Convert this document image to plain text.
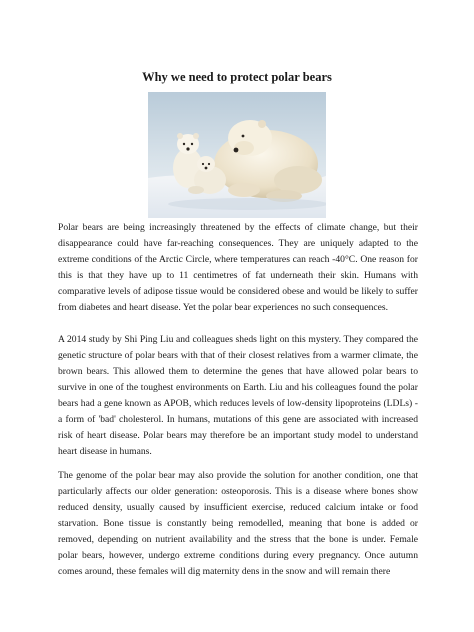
Why we need to protect polar bears

Polar bears are being increasingly threatened by the effects of climate change, but their disappearance could have far-reaching consequences. They are uniquely adapted to the extreme conditions of the Arctic Circle, where temperatures can reach -40°C. One reason for this is that they have up to 11 centimetres of fat underneath their skin. Humans with comparative levels of adipose tissue would be considered obese and would be likely to suffer from diabetes and heart disease. Yet the polar bear experiences no such consequences.

A 2014 study by Shi Ping Liu and colleagues sheds light on this mystery. They compared the genetic structure of polar bears with that of their closest relatives from a warmer climate, the brown bears. This allowed them to determine the genes that have allowed polar bears to survive in one of the toughest environments on Earth. Liu and his colleagues found the polar bears had a gene known as APOB, which reduces levels of low-density lipoproteins (LDLs) - a form of 'bad' cholesterol. In humans, mutations of this gene are associated with increased risk of heart disease. Polar bears may therefore be an important study model to understand heart disease in humans.

The genome of the polar bear may also provide the solution for another condition, one that particularly affects our older generation: osteoporosis. This is a disease where bones show reduced density, usually caused by insufficient exercise, reduced calcium intake or food starvation. Bone tissue is constantly being remodelled, meaning that bone is added or removed, depending on nutrient availability and the stress that the bone is under. Female polar bears, however, undergo extreme conditions during every pregnancy. Once autumn comes around, these females will dig maternity dens in the snow and will remain there
